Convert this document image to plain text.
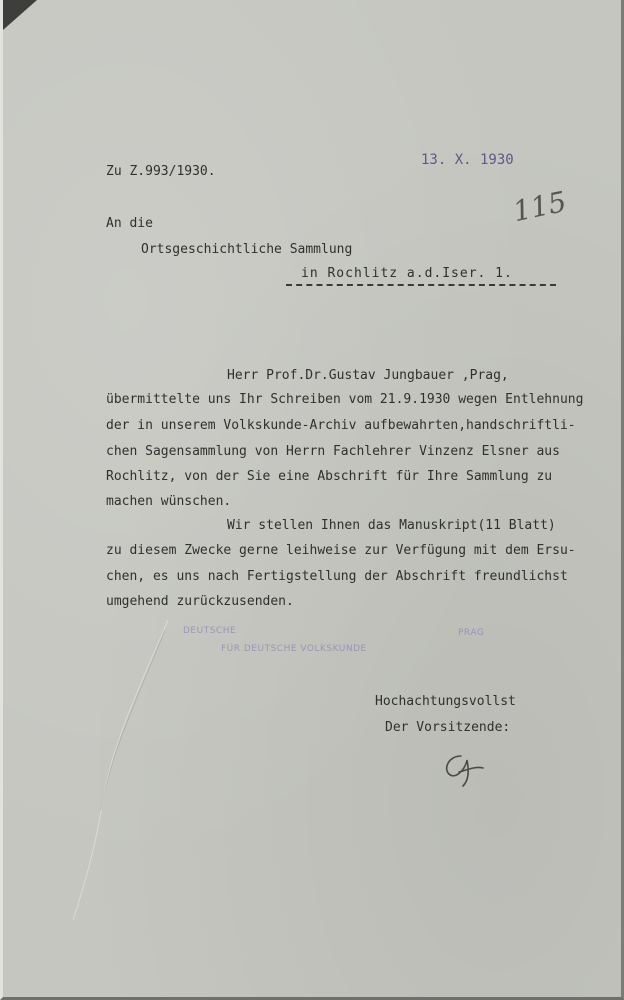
Zu Z.993/1930.
13. X. 1930
115
An die
Ortsgeschichtliche Sammlung
in Rochlitz a.d.Iser. 1.
Herr Prof.Dr.Gustav Jungbauer ,Prag,
übermittelte uns Ihr Schreiben vom 21.9.1930 wegen Entlehnung
der in unserem Volkskunde-Archiv aufbewahrten,handschriftli-
chen Sagensammlung von Herrn Fachlehrer Vinzenz Elsner aus
Rochlitz, von der Sie eine Abschrift für Ihre Sammlung zu
machen wünschen.
Wir stellen Ihnen das Manuskript(11 Blatt)
zu diesem Zwecke gerne leihweise zur Verfügung mit dem Ersu-
chen, es uns nach Fertigstellung der Abschrift freundlichst
umgehend zurückzusenden.
DEUTSCHE
FÜR DEUTSCHE VOLKSKUNDE
PRAG
Hochachtungsvollst
Der Vorsitzende:
